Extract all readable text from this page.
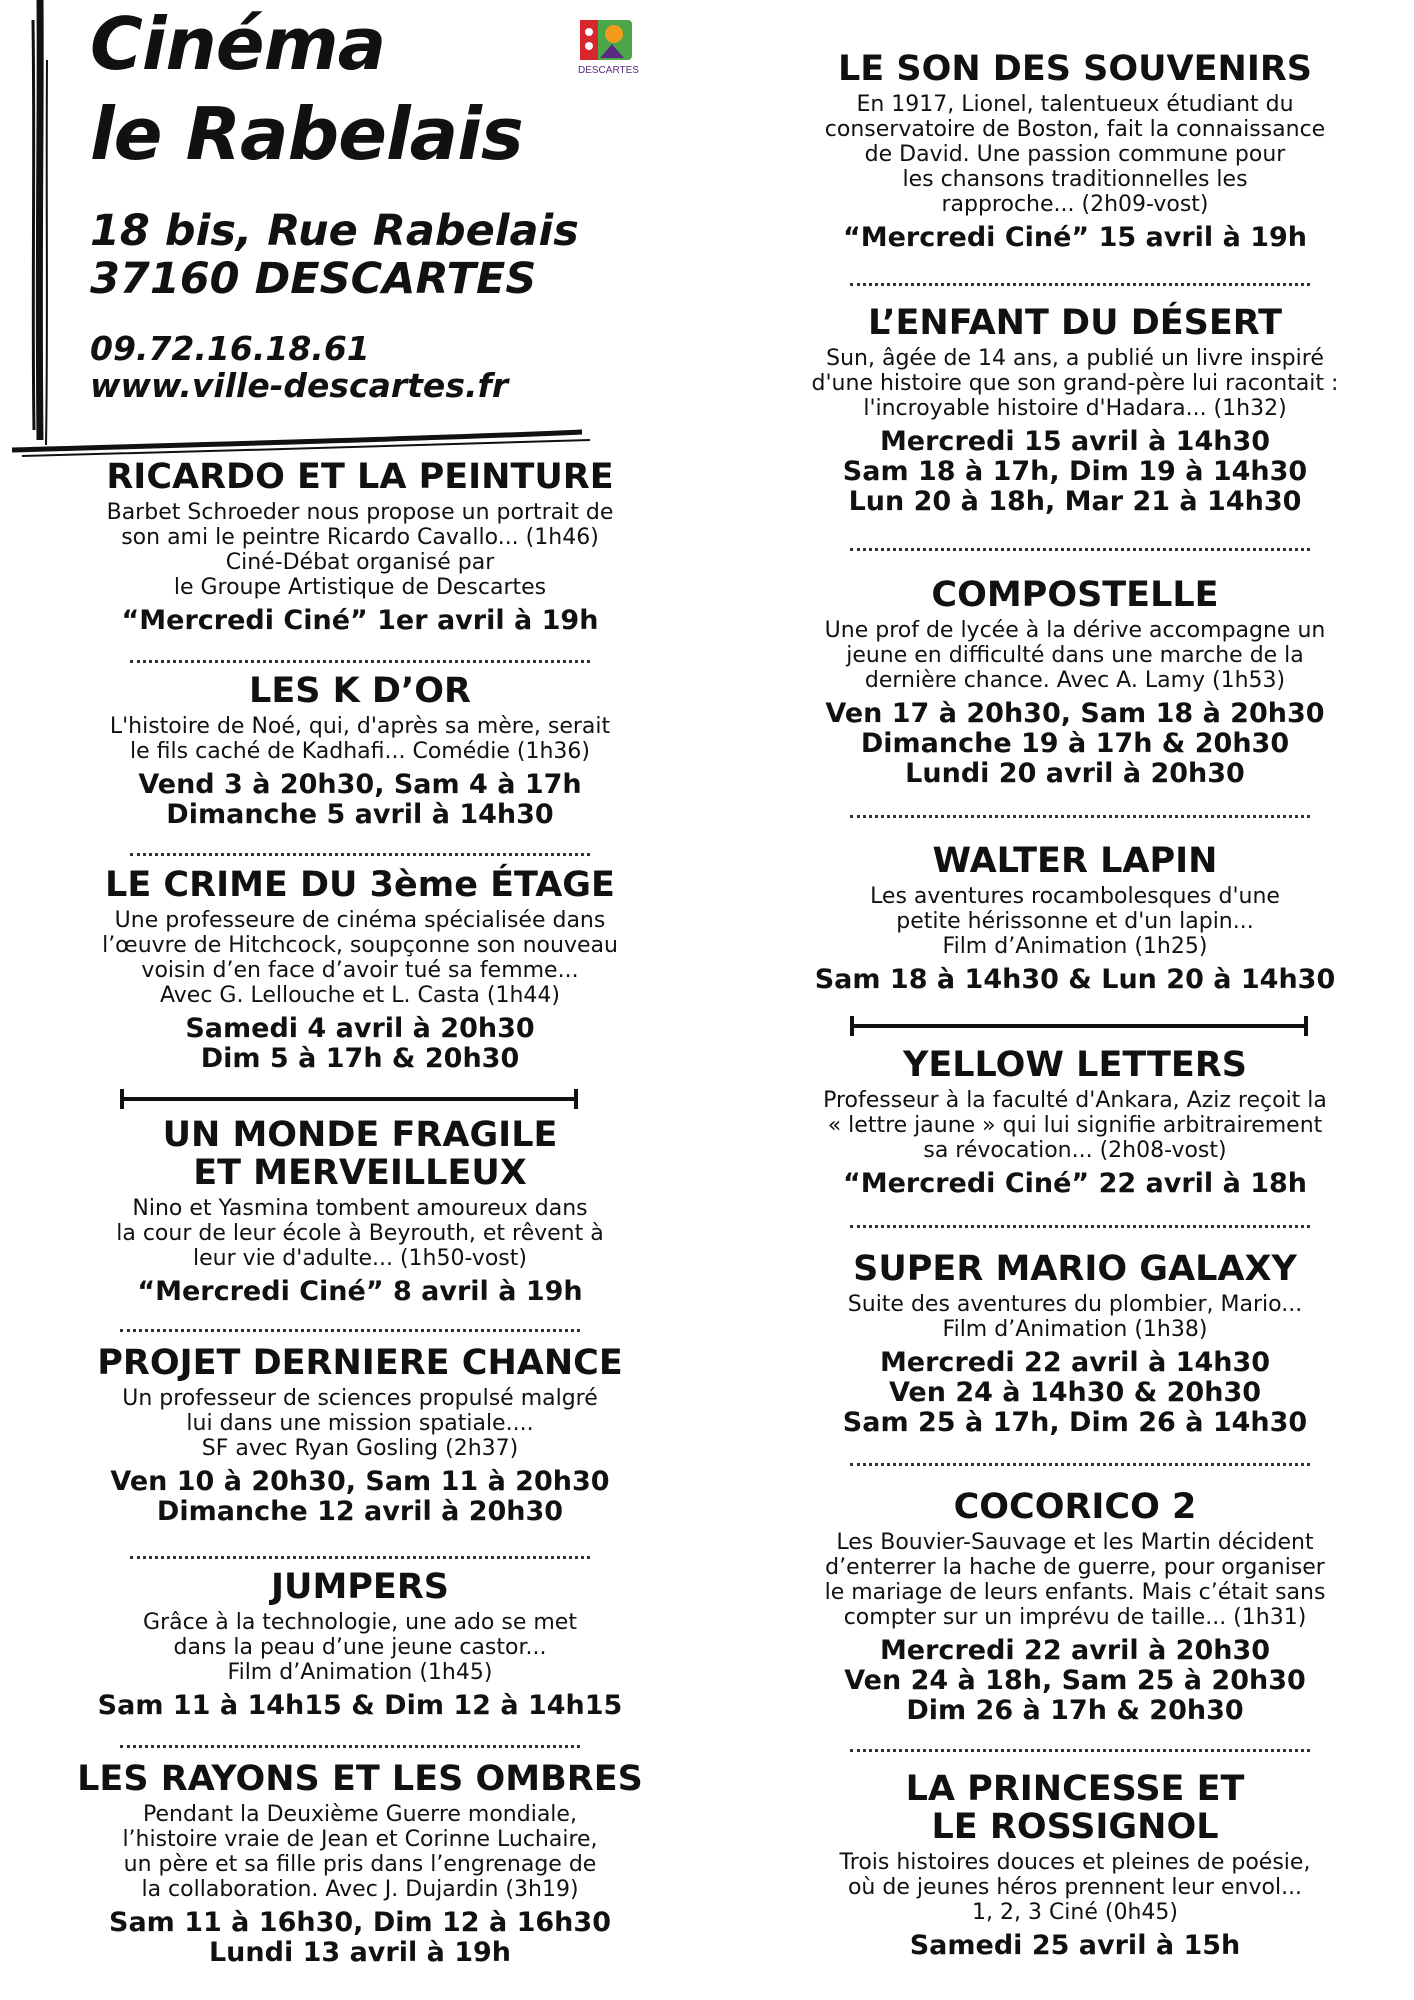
Cinéma
le Rabelais
DESCARTES
18 bis, Rue Rabelais
37160 DESCARTES
09.72.16.18.61
www.ville-descartes.fr

RICARDO ET LA PEINTURE

Barbet Schroeder nous propose un portrait de
son ami le peintre Ricardo Cavallo... (1h46)
Ciné-Débat organisé par
le Groupe Artistique de Descartes

“Mercredi Ciné” 1er avril à 19h

LES K D’OR

L'histoire de Noé, qui, d'après sa mère, serait
le fils caché de Kadhafi... Comédie (1h36)

Vend 3 à 20h30, Sam 4 à 17h
Dimanche 5 avril à 14h30

LE CRIME DU 3ème ÉTAGE

Une professeure de cinéma spécialisée dans
l’œuvre de Hitchcock, soupçonne son nouveau
voisin d’en face d’avoir tué sa femme...
Avec G. Lellouche et L. Casta (1h44)

Samedi 4 avril à 20h30
Dim 5 à 17h & 20h30

UN MONDE FRAGILE
ET MERVEILLEUX

Nino et Yasmina tombent amoureux dans
la cour de leur école à Beyrouth, et rêvent à
leur vie d'adulte... (1h50-vost)

“Mercredi Ciné” 8 avril à 19h

PROJET DERNIERE CHANCE

Un professeur de sciences propulsé malgré
lui dans une mission spatiale....
SF avec Ryan Gosling (2h37)

Ven 10 à 20h30, Sam 11 à 20h30
Dimanche 12 avril à 20h30

JUMPERS

Grâce à la technologie, une ado se met
dans la peau d’une jeune castor...
Film d’Animation (1h45)

Sam 11 à 14h15 & Dim 12 à 14h15

LES RAYONS ET LES OMBRES

Pendant la Deuxième Guerre mondiale,
l’histoire vraie de Jean et Corinne Luchaire,
un père et sa fille pris dans l’engrenage de
la collaboration. Avec J. Dujardin (3h19)

Sam 11 à 16h30, Dim 12 à 16h30
Lundi 13 avril à 19h

LE SON DES SOUVENIRS

En 1917, Lionel, talentueux étudiant du
conservatoire de Boston, fait la connaissance
de David. Une passion commune pour
les chansons traditionnelles les
rapproche... (2h09-vost)

“Mercredi Ciné” 15 avril à 19h

L’ENFANT DU DÉSERT

Sun, âgée de 14 ans, a publié un livre inspiré
d'une histoire que son grand-père lui racontait :
l'incroyable histoire d'Hadara... (1h32)

Mercredi 15 avril à 14h30
Sam 18 à 17h, Dim 19 à 14h30
Lun 20 à 18h, Mar 21 à 14h30

COMPOSTELLE

Une prof de lycée à la dérive accompagne un
jeune en difficulté dans une marche de la
dernière chance. Avec A. Lamy (1h53)

Ven 17 à 20h30, Sam 18 à 20h30
Dimanche 19 à 17h & 20h30
Lundi 20 avril à 20h30

WALTER LAPIN

Les aventures rocambolesques d'une
petite hérissonne et d'un lapin...
Film d’Animation (1h25)

Sam 18 à 14h30 & Lun 20 à 14h30

YELLOW LETTERS

Professeur à la faculté d'Ankara, Aziz reçoit la
« lettre jaune » qui lui signifie arbitrairement
sa révocation... (2h08-vost)

“Mercredi Ciné” 22 avril à 18h

SUPER MARIO GALAXY

Suite des aventures du plombier, Mario...
Film d’Animation (1h38)

Mercredi 22 avril à 14h30
Ven 24 à 14h30 & 20h30
Sam 25 à 17h, Dim 26 à 14h30

COCORICO 2

Les Bouvier-Sauvage et les Martin décident
d’enterrer la hache de guerre, pour organiser
le mariage de leurs enfants. Mais c’était sans
compter sur un imprévu de taille... (1h31)

Mercredi 22 avril à 20h30
Ven 24 à 18h, Sam 25 à 20h30
Dim 26 à 17h & 20h30

LA PRINCESSE ET
LE ROSSIGNOL

Trois histoires douces et pleines de poésie,
où de jeunes héros prennent leur envol...
1, 2, 3 Ciné (0h45)

Samedi 25 avril à 15h
